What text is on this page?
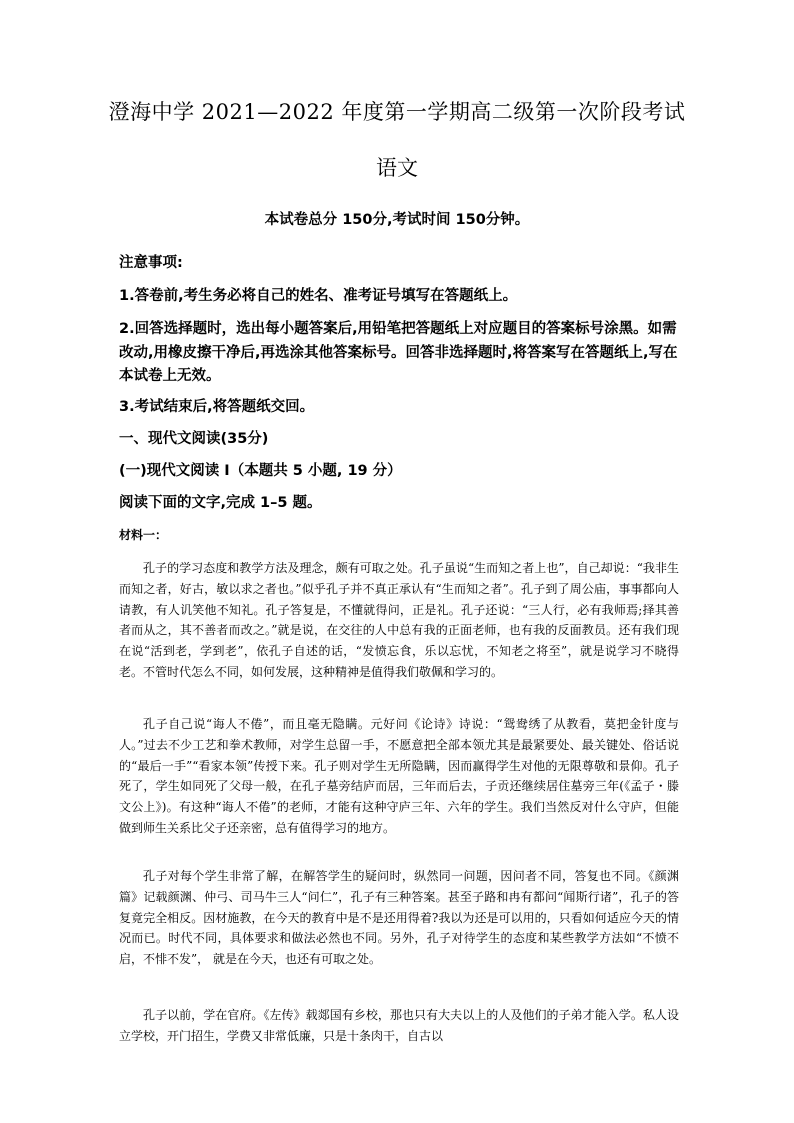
澄海中学 2021—2022 年度第一学期高二级第一次阶段考试
语文
本试卷总分 150分,考试时间 150分钟。
注意事项:
1.答卷前,考生务必将自己的姓名、准考证号填写在答题纸上。
2.回答选择题时，选出每小题答案后,用铅笔把答题纸上对应题目的答案标号涂黑。如需改动,用橡皮擦干净后,再选涂其他答案标号。回答非选择题时,将答案写在答题纸上,写在本试卷上无效。
3.考试结束后,将答题纸交回。
一、现代文阅读(35分)
(一)现代文阅读 I（本题共 5 小题, 19 分）
阅读下面的文字,完成 1–5 题。
材料一：
孔子的学习态度和教学方法及理念，颇有可取之处。孔子虽说“生而知之者上也”，自己却说：“我非生而知之者，好古，敏以求之者也。”似乎孔子并不真正承认有“生而知之者”。孔子到了周公庙，事事都向人请教，有人讥笑他不知礼。孔子答复是，不懂就得问，正是礼。孔子还说：“三人行，必有我师焉;择其善者而从之，其不善者而改之。”就是说，在交往的人中总有我的正面老师，也有我的反面教员。还有我们现在说“活到老，学到老”，依孔子自述的话，“发愤忘食，乐以忘忧，不知老之将至”，就是说学习不晓得老。不管时代怎么不同，如何发展，这种精神是值得我们敬佩和学习的。
孔子自己说“诲人不倦”，而且毫无隐瞒。元好问《论诗》诗说：“鸳鸯绣了从教看，莫把金针度与人。”过去不少工艺和拳术教师，对学生总留一手，不愿意把全部本领尤其是最紧要处、最关键处、俗话说的“最后一手”“看家本领”传授下来。孔子则对学生无所隐瞒，因而赢得学生对他的无限尊敬和景仰。孔子死了，学生如同死了父母一般，在孔子墓旁结庐而居，三年而后去，子贡还继续居住墓旁三年(《孟子・滕文公上》)。有这种“诲人不倦”的老师，才能有这种守庐三年、六年的学生。我们当然反对什么守庐，但能做到师生关系比父子还亲密，总有值得学习的地方。
孔子对每个学生非常了解，在解答学生的疑问时，纵然同一问题，因问者不同，答复也不同。《颜渊篇》记载颜渊、仲弓、司马牛三人“问仁”，孔子有三种答案。甚至子路和冉有都问“闻斯行诸”，孔子的答复竟完全相反。因材施教，在今天的教育中是不是还用得着?我以为还是可以用的，只看如何适应今天的情况而已。时代不同，具体要求和做法必然也不同。另外，孔子对待学生的态度和某些教学方法如“不愤不启，不悱不发”， 就是在今天，也还有可取之处。
孔子以前，学在官府。《左传》载郯国有乡校，那也只有大夫以上的人及他们的子弟才能入学。私人设立学校，开门招生，学费又非常低廉，只是十条肉干，自古以
